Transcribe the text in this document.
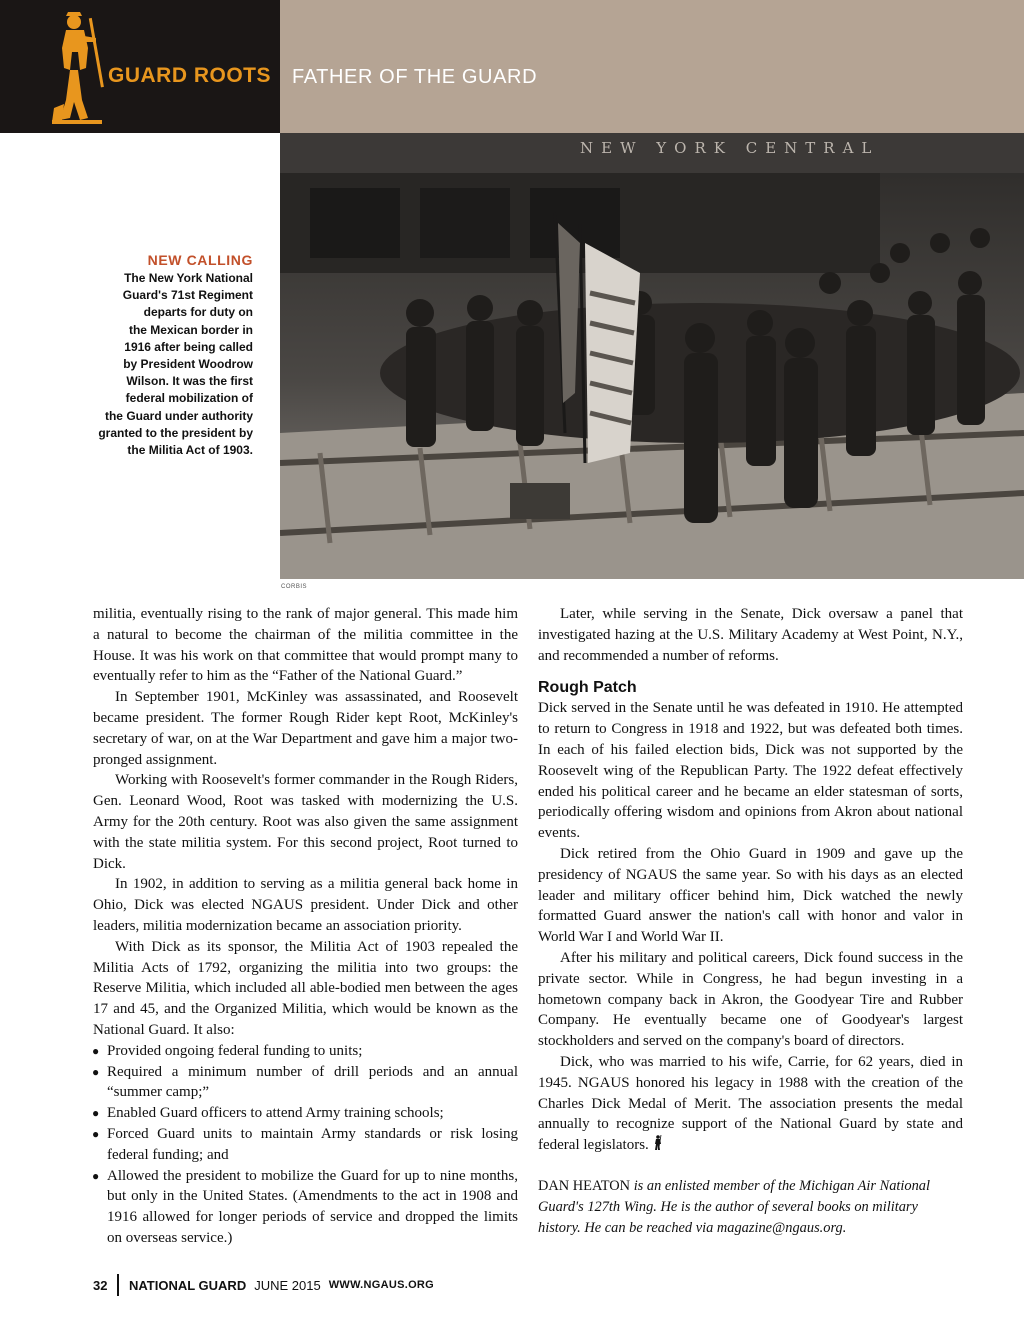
GUARD ROOTS FATHER OF THE GUARD
NEW YORK CENTRAL
CORBIS
NEW CALLING
The New York National
Guard's 71st Regiment
departs for duty on
the Mexican border in
1916 after being called
by President Woodrow
Wilson. It was the first
federal mobilization of
the Guard under authority
granted to the president by
the Militia Act of 1903.

militia, eventually rising to the rank of major general. This made him a natural to become the chairman of the militia committee in the House. It was his work on that committee that would prompt many to eventually refer to him as the “Father of the National Guard.”

In September 1901, McKinley was assassinated, and Roosevelt became president. The former Rough Rider kept Root, McKinley's secretary of war, on at the War Department and gave him a major two-pronged assignment.

Working with Roosevelt's former commander in the Rough Riders, Gen. Leonard Wood, Root was tasked with modernizing the U.S. Army for the 20th century. Root was also given the same assignment with the state militia system. For this second project, Root turned to Dick.

In 1902, in addition to serving as a militia general back home in Ohio, Dick was elected NGAUS president. Under Dick and other leaders, militia modernization became an association priority.

With Dick as its sponsor, the Militia Act of 1903 repealed the Militia Acts of 1792, organizing the militia into two groups: the Reserve Militia, which included all able-bodied men between the ages 17 and 45, and the Organized Militia, which would be known as the National Guard. It also:

● Provided ongoing federal funding to units;
● Required a minimum number of drill periods and an annual “summer camp;”
● Enabled Guard officers to attend Army training schools;
● Forced Guard units to maintain Army standards or risk losing federal funding; and
● Allowed the president to mobilize the Guard for up to nine months, but only in the United States. (Amendments to the act in 1908 and 1916 allowed for longer periods of service and dropped the limits on overseas service.)

Later, while serving in the Senate, Dick oversaw a panel that investigated hazing at the U.S. Military Academy at West Point, N.Y., and recommended a number of reforms.

Rough Patch

Dick served in the Senate until he was defeated in 1910. He attempted to return to Congress in 1918 and 1922, but was defeated both times. In each of his failed election bids, Dick was not supported by the Roosevelt wing of the Republican Party. The 1922 defeat effectively ended his political career and he became an elder statesman of sorts, periodically offering wisdom and opinions from Akron about national events.

Dick retired from the Ohio Guard in 1909 and gave up the presidency of NGAUS the same year. So with his days as an elected leader and military officer behind him, Dick watched the newly formatted Guard answer the nation's call with honor and valor in World War I and World War II.

After his military and political careers, Dick found success in the private sector. While in Congress, he had begun investing in a hometown company back in Akron, the Goodyear Tire and Rubber Company. He eventually became one of Goodyear's largest stockholders and served on the company's board of directors.

Dick, who was married to his wife, Carrie, for 62 years, died in 1945. NGAUS honored his legacy in 1988 with the creation of the Charles Dick Medal of Merit. The association presents the medal annually to recognize support of the National Guard by state and federal legislators.

DAN HEATON is an enlisted member of the Michigan Air National Guard's 127th Wing. He is the author of several books on military history. He can be reached via magazine@ngaus.org.

32 NATIONAL GUARD JUNE 2015 WWW.NGAUS.ORG
